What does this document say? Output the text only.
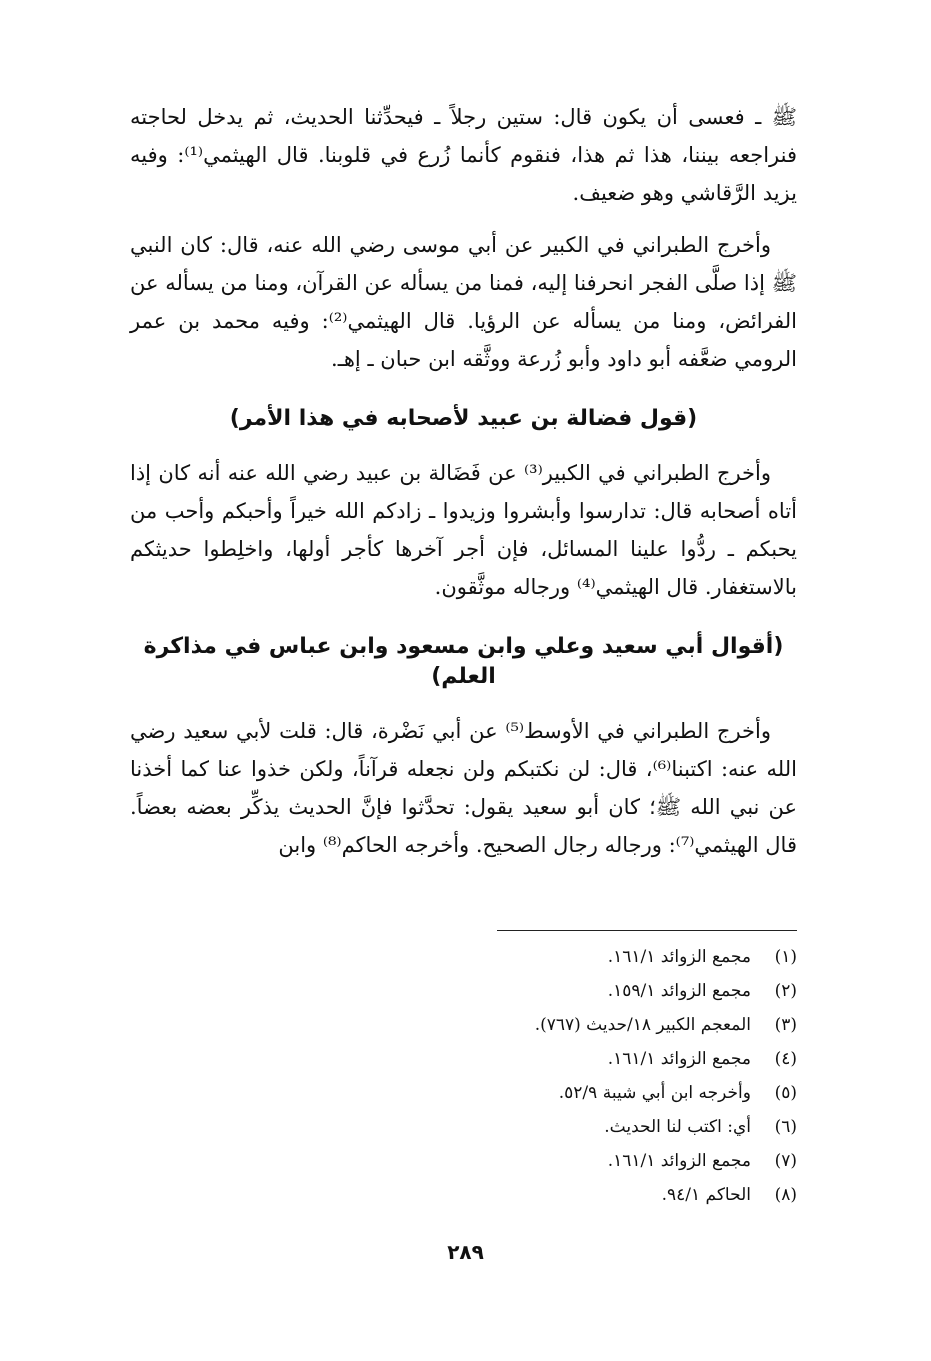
ﷺ ـ فعسى أن يكون قال: ستين رجلاً ـ فيحدِّثنا الحديث، ثم يدخل لحاجته فنراجعه بيننا، هذا ثم هذا، فنقوم كأنما زُرع في قلوبنا. قال الهيثمي⁽¹⁾: وفيه يزيد الرَّقاشي وهو ضعيف.

وأخرج الطبراني في الكبير عن أبي موسى رضي الله عنه، قال: كان النبي ﷺ إذا صلَّى الفجر انحرفنا إليه، فمنا من يسأله عن القرآن، ومنا من يسأله عن الفرائض، ومنا من يسأله عن الرؤيا. قال الهيثمي⁽²⁾: وفيه محمد بن عمر الرومي ضعَّفه أبو داود وأبو زُرعة ووثَّقه ابن حبان ـ إهـ.

(قول فضالة بن عبيد لأصحابه في هذا الأمر)

وأخرج الطبراني في الكبير⁽³⁾ عن فَضَالة بن عبيد رضي الله عنه أنه كان إذا أتاه أصحابه قال: تدارسوا وأبشروا وزيدوا ـ زادكم الله خيراً وأحبكم وأحب من يحبكم ـ ردُّوا علينا المسائل، فإن أجر آخرها كأجر أولها، واخلِطوا حديثكم بالاستغفار. قال الهيثمي⁽⁴⁾ ورجاله موثَّقون.

(أقوال أبي سعيد وعلي وابن مسعود وابن عباس في مذاكرة العلم)

وأخرج الطبراني في الأوسط⁽⁵⁾ عن أبي نَضْرة، قال: قلت لأبي سعيد رضي الله عنه: اكتبنا⁽⁶⁾، قال: لن نكتبكم ولن نجعله قرآناً، ولكن خذوا عنا كما أخذنا عن نبي الله ﷺ؛ كان أبو سعيد يقول: تحدَّثوا فإنَّ الحديث يذكِّر بعضه بعضاً. قال الهيثمي⁽⁷⁾: ورجاله رجال الصحيح. وأخرجه الحاكم⁽⁸⁾ وابن

(١)مجمع الزوائد ١٦١/١.
(٢)مجمع الزوائد ١٥٩/١.
(٣)المعجم الكبير ١٨/حديث (٧٦٧).
(٤)مجمع الزوائد ١٦١/١.
(٥)وأخرجه ابن أبي شيبة ٥٢/٩.
(٦)أي: اكتب لنا الحديث.
(٧)مجمع الزوائد ١٦١/١.
(٨)الحاكم ٩٤/١.
٢٨٩
